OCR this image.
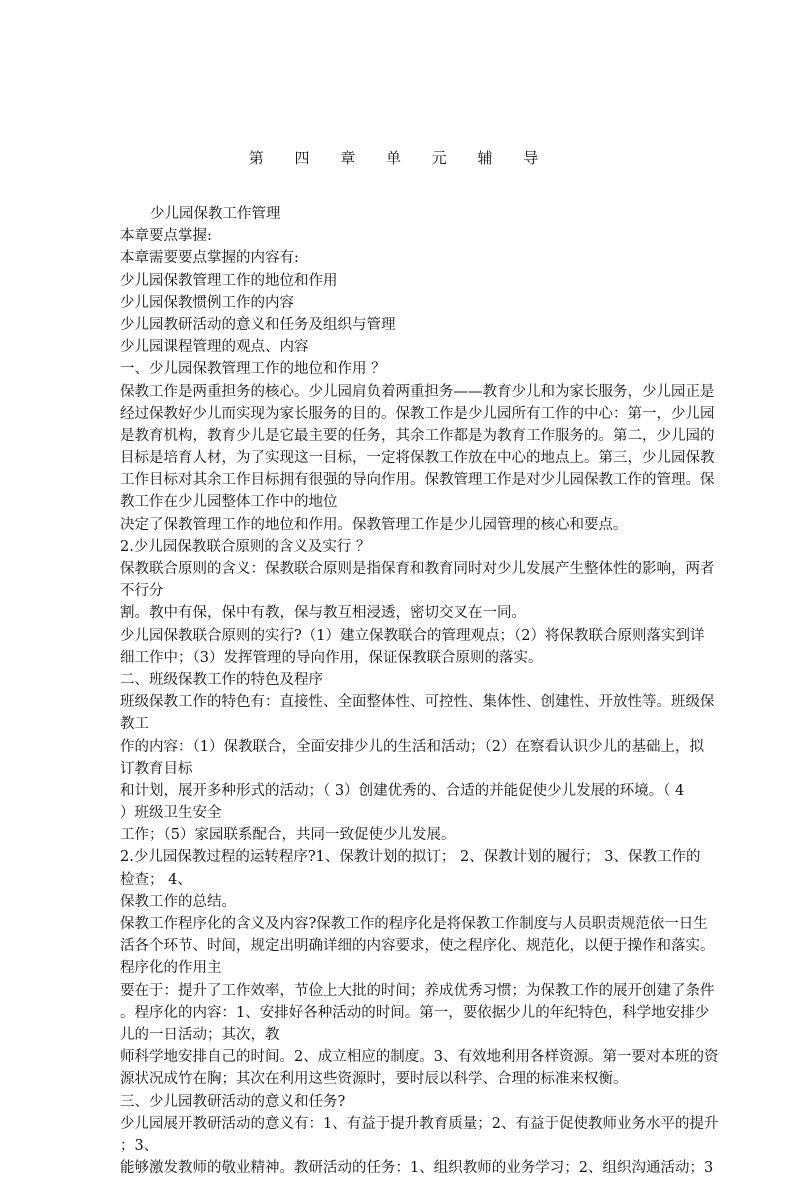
第 四 章 单 元 辅 导
少儿园保教工作管理
本章要点掌握:
本章需要要点掌握的内容有:
少儿园保教管理工作的地位和作用
少儿园保教惯例工作的内容
少儿园教研活动的意义和任务及组织与管理
少儿园课程管理的观点、内容
一、少儿园保教管理工作的地位和作用 ？
保教工作是两重担务的核心。少儿园肩负着两重担务——教育少儿和为家长服务，少儿园正是
经过保教好少儿而实现为家长服务的目的。保教工作是少儿园所有工作的中心：第一，少儿园
是教育机构，教育少儿是它最主要的任务，其余工作都是为教育工作服务的。第二，少儿园的
目标是培育人材，为了实现这一目标，一定将保教工作放在中心的地点上。第三，少儿园保教
工作目标对其余工作目标拥有很强的导向作用。保教管理工作是对少儿园保教工作的管理。保
教工作在少儿园整体工作中的地位
决定了保教管理工作的地位和作用。保教管理工作是少儿园管理的核心和要点。
2.少儿园保教联合原则的含义及实行 ？
保教联合原则的含义：保教联合原则是指保育和教育同时对少儿发展产生整体性的影响，两者
不行分
割。教中有保，保中有教，保与教互相浸透，密切交叉在一同。
少儿园保教联合原则的实行?（1）建立保教联合的管理观点；（2）将保教联合原则落实到详
细工作中；（3）发挥管理的导向作用，保证保教联合原则的落实。
二、班级保教工作的特色及程序
班级保教工作的特色有：直接性、全面整体性、可控性、集体性、创建性、开放性等。班级保
教工
作的内容：（1）保教联合，全面安排少儿的生活和活动；（2）在察看认识少儿的基础上，拟
订教育目标
和计划，展开多种形式的活动；（ 3）创建优秀的、合适的并能促使少儿发展的环境。（ 4
）班级卫生安全
工作；（5）家园联系配合，共同一致促使少儿发展。
2.少儿园保教过程的运转程序?1、保教计划的拟订； 2、保教计划的履行； 3、保教工作的
检查； 4、
保教工作的总结。
保教工作程序化的含义及内容?保教工作的程序化是将保教工作制度与人员职责规范依一日生
活各个环节、时间，规定出明确详细的内容要求，使之程序化、规范化，以便于操作和落实。
程序化的作用主
要在于：提升了工作效率，节俭上大批的时间；养成优秀习惯；为保教工作的展开创建了条件
。程序化的内容：1、安排好各种活动的时间。第一，要依据少儿的年纪特色，科学地安排少
儿的一日活动；其次，教
师科学地安排自己的时间。2、成立相应的制度。3、有效地利用各样资源。第一要对本班的资
源状况成竹在胸；其次在利用这些资源时，要时辰以科学、合理的标准来权衡。
三、少儿园教研活动的意义和任务?
少儿园展开教研活动的意义有：1、有益于提升教育质量；2、有益于促使教师业务水平的提升
；3、
能够激发教师的敬业精神。教研活动的任务：1、组织教师的业务学习；2、组织沟通活动；3
